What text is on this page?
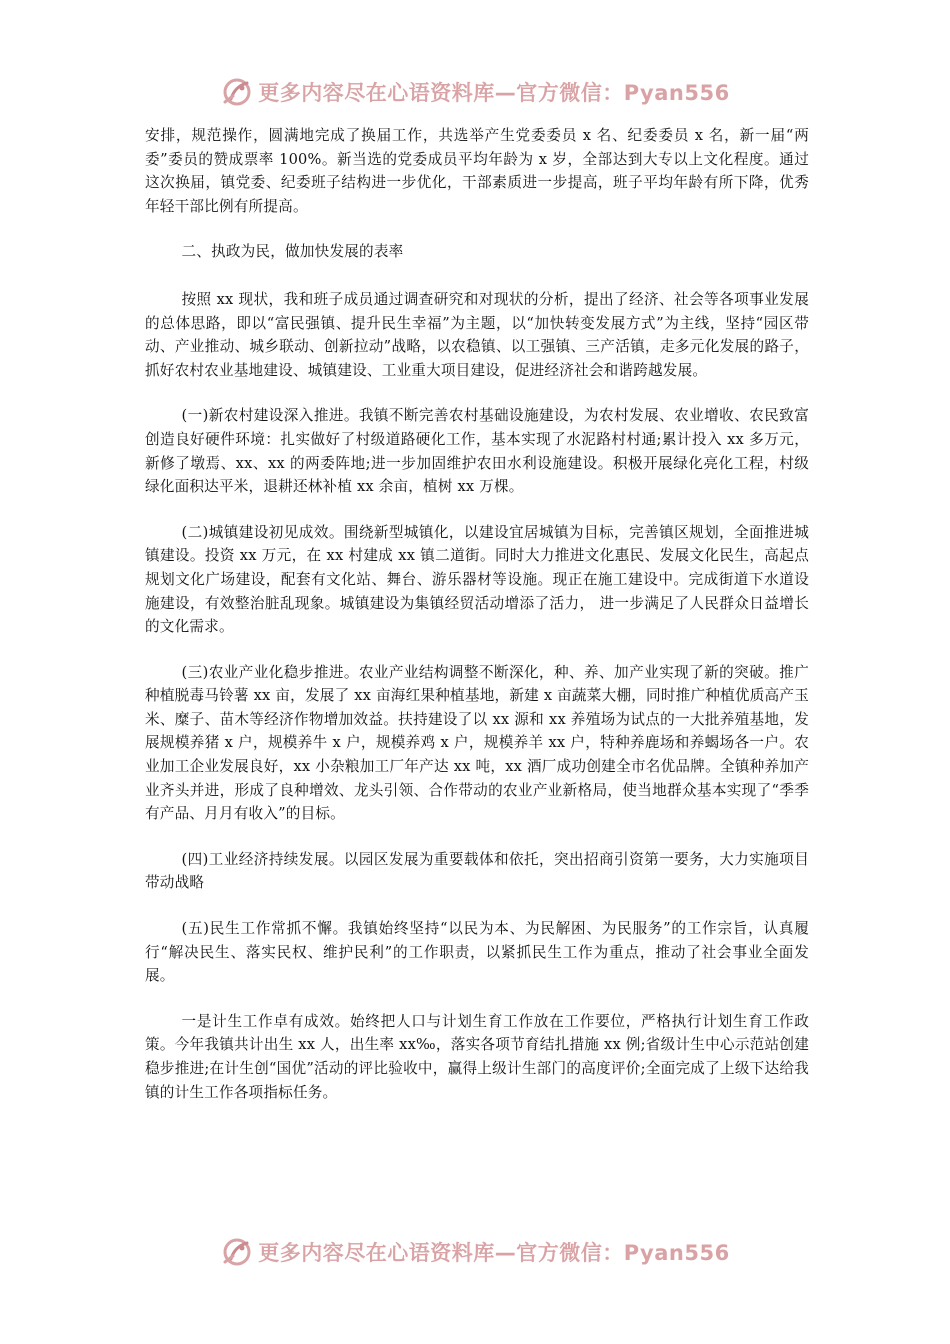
更多内容尽在心语资料库—官方微信：Pyan556

安排，规范操作，圆满地完成了换届工作，共选举产生党委委员 x 名、纪委委员 x 名，新一届“两委”委员的赞成票率 100%。新当选的党委成员平均年龄为 x 岁，全部达到大专以上文化程度。通过这次换届，镇党委、纪委班子结构进一步优化，干部素质进一步提高，班子平均年龄有所下降，优秀年轻干部比例有所提高。

二、执政为民，做加快发展的表率

按照 xx 现状，我和班子成员通过调查研究和对现状的分析，提出了经济、社会等各项事业发展的总体思路，即以“富民强镇、提升民生幸福”为主题，以“加快转变发展方式”为主线，坚持“园区带动、产业推动、城乡联动、创新拉动”战略，以农稳镇、以工强镇、三产活镇，走多元化发展的路子，抓好农村农业基地建设、城镇建设、工业重大项目建设，促进经济社会和谐跨越发展。

(一)新农村建设深入推进。我镇不断完善农村基础设施建设，为农村发展、农业增收、农民致富创造良好硬件环境：扎实做好了村级道路硬化工作，基本实现了水泥路村村通;累计投入 xx 多万元，新修了墩焉、xx、xx 的两委阵地;进一步加固维护农田水利设施建设。积极开展绿化亮化工程，村级绿化面积达平米，退耕还林补植 xx 余亩，植树 xx 万棵。

(二)城镇建设初见成效。围绕新型城镇化，以建设宜居城镇为目标，完善镇区规划，全面推进城镇建设。投资 xx 万元，在 xx 村建成 xx 镇二道街。同时大力推进文化惠民、发展文化民生，高起点规划文化广场建设，配套有文化站、舞台、游乐器材等设施。现正在施工建设中。完成街道下水道设施建设，有效整治脏乱现象。城镇建设为集镇经贸活动增添了活力， 进一步满足了人民群众日益增长的文化需求。

(三)农业产业化稳步推进。农业产业结构调整不断深化，种、养、加产业实现了新的突破。推广种植脱毒马铃薯 xx 亩，发展了 xx 亩海红果种植基地，新建 x 亩蔬菜大棚，同时推广种植优质高产玉米、糜子、苗木等经济作物增加效益。扶持建设了以 xx 源和 xx 养殖场为试点的一大批养殖基地，发展规模养猪 x 户，规模养牛 x 户，规模养鸡 x 户，规模养羊 xx 户，特种养鹿场和养蝎场各一户。农业加工企业发展良好，xx 小杂粮加工厂年产达 xx 吨，xx 酒厂成功创建全市名优品牌。全镇种养加产业齐头并进，形成了良种增效、龙头引领、合作带动的农业产业新格局，使当地群众基本实现了“季季有产品、月月有收入”的目标。

(四)工业经济持续发展。以园区发展为重要载体和依托，突出招商引资第一要务，大力实施项目带动战略

(五)民生工作常抓不懈。我镇始终坚持“以民为本、为民解困、为民服务”的工作宗旨，认真履行“解决民生、落实民权、维护民利”的工作职责，以紧抓民生工作为重点，推动了社会事业全面发展。

一是计生工作卓有成效。始终把人口与计划生育工作放在工作要位，严格执行计划生育工作政策。今年我镇共计出生 xx 人，出生率 xx‰，落实各项节育结扎措施 xx 例;省级计生中心示范站创建稳步推进;在计生创“国优”活动的评比验收中，赢得上级计生部门的高度评价;全面完成了上级下达给我镇的计生工作各项指标任务。

更多内容尽在心语资料库—官方微信：Pyan556
